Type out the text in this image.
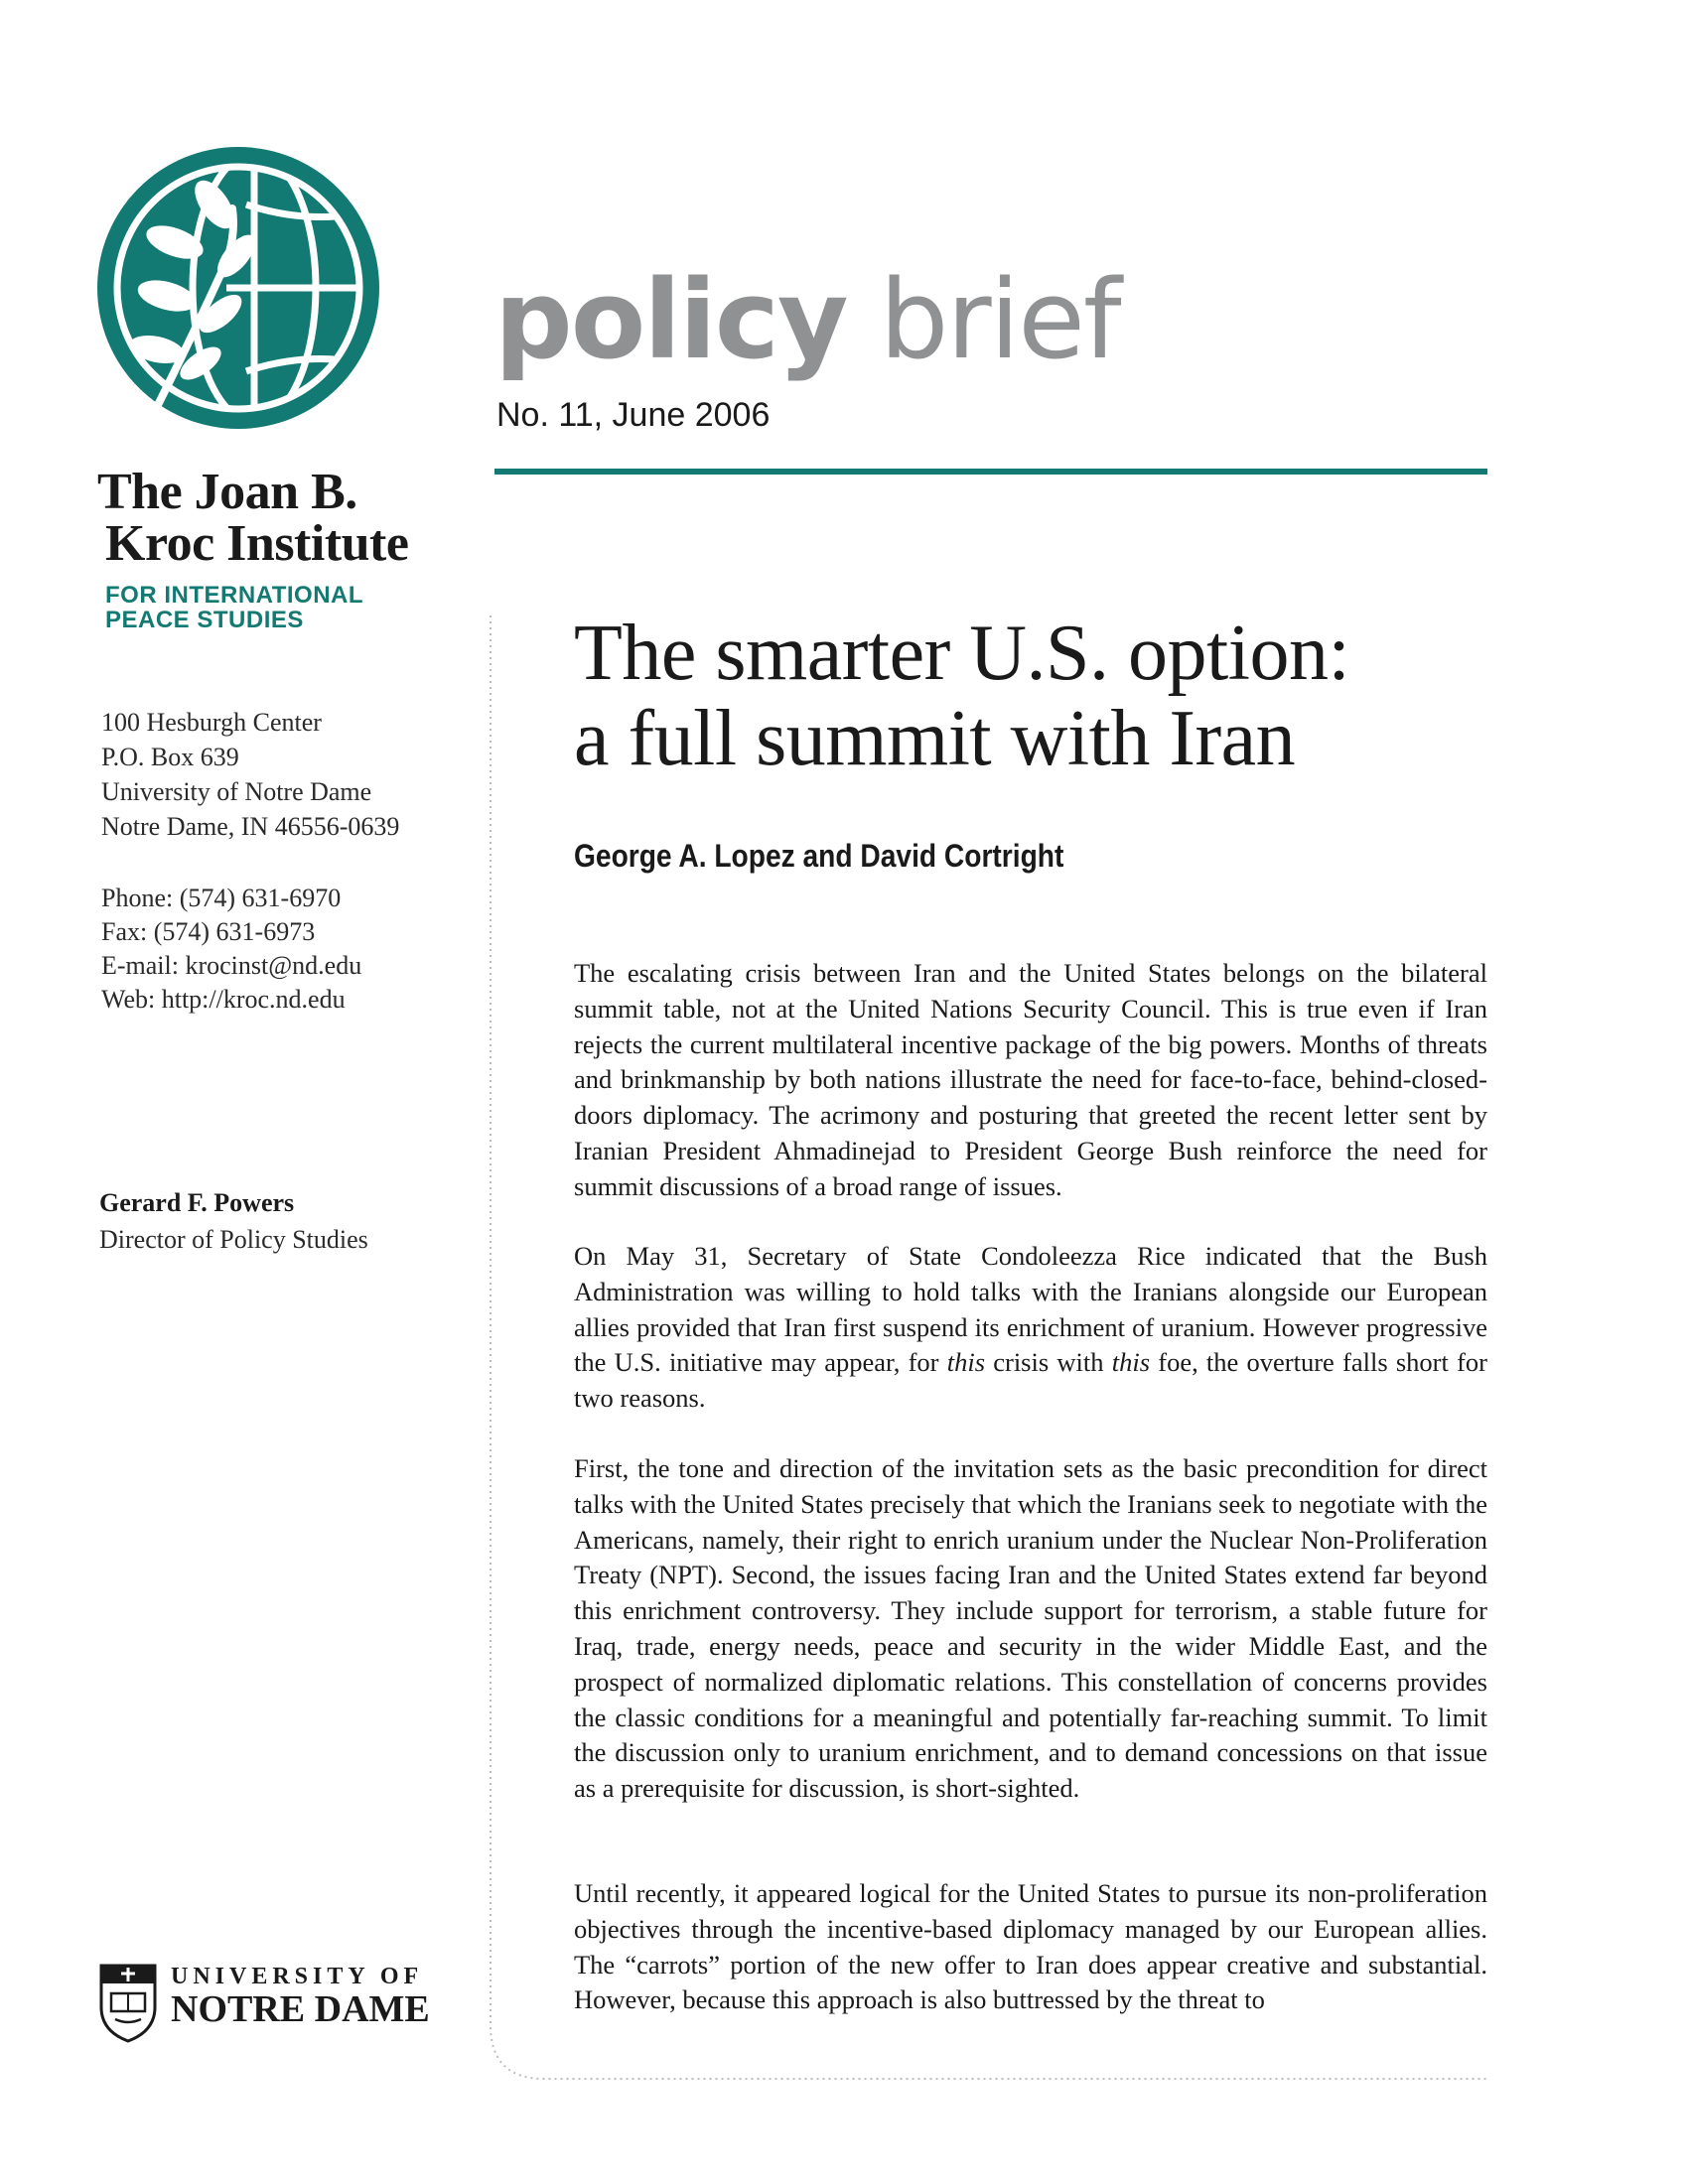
The Joan B.
Kroc Institute
FOR INTERNATIONAL
PEACE STUDIES
100 Hesburgh Center
P.O. Box 639
University of Notre Dame
Notre Dame, IN 46556-0639
Phone: (574) 631-6970
Fax: (574) 631-6973
E-mail: krocinst@nd.edu
Web: http://kroc.nd.edu
Gerard F. Powers
Director of Policy Studies
UNIVERSITY OF
NOTRE DAME
policy brief
No. 11, June 2006
The smarter U.S. option:
a full summit with Iran
George A. Lopez and David Cortright

The escalating crisis between Iran and the United States belongs on the bilateral summit table, not at the United Nations Security Council. This is true even if Iran rejects the current multilateral incentive package of the big powers. Months of threats and brinkmanship by both nations illustrate the need for face-to-face, behind-closed-doors diplomacy. The acrimony and posturing that greeted the recent letter sent by Iranian President Ahmadinejad to President George Bush reinforce the need for summit discussions of a broad range of issues.

On May 31, Secretary of State Condoleezza Rice indicated that the Bush Administration was willing to hold talks with the Iranians alongside our European allies provided that Iran first suspend its enrichment of uranium. However progressive the U.S. initiative may appear, for this crisis with this foe, the overture falls short for two reasons.

First, the tone and direction of the invitation sets as the basic precondition for direct talks with the United States precisely that which the Iranians seek to negotiate with the Americans, namely, their right to enrich uranium under the Nuclear Non-Proliferation Treaty (NPT). Second, the issues facing Iran and the United States extend far beyond this enrichment controversy. They include support for terrorism, a stable future for Iraq, trade, energy needs, peace and security in the wider Middle East, and the prospect of normalized diplomatic relations. This constellation of concerns provides the classic conditions for a meaningful and potentially far-reaching summit. To limit the discussion only to uranium enrichment, and to demand concessions on that issue as a prerequisite for discussion, is short-sighted.

Until recently, it appeared logical for the United States to pursue its non-proliferation objectives through the incentive-based diplomacy managed by our European allies. The “carrots” portion of the new offer to Iran does appear creative and substantial. However, because this approach is also buttressed by the threat to
